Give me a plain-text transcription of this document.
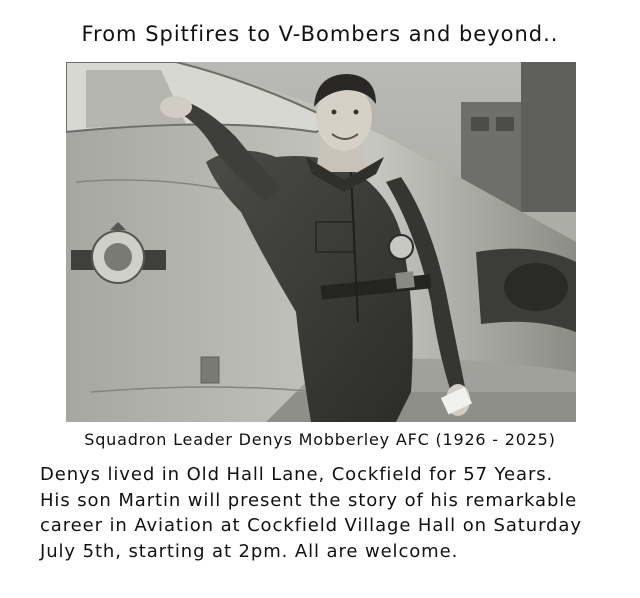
From Spitfires to V-Bombers and beyond..
Squadron Leader Denys Mobberley AFC (1926 - 2025)
Denys lived in Old Hall Lane, Cockfield for 57 Years.
His son Martin will present the story of his remarkable
career in Aviation at Cockfield Village Hall on Saturday
July 5th, starting at 2pm. All are welcome.
